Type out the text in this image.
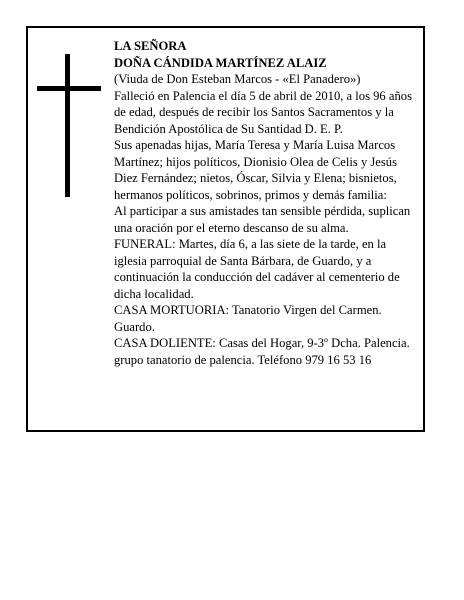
LA SEÑORA
DOÑA CÁNDIDA MARTÍNEZ ALAIZ
(Viuda de Don Esteban Marcos - «El Panadero»)
Falleció en Palencia el día 5 de abril de 2010, a los 96 años de edad, después de recibir los Santos Sacramentos y la Bendición Apostólica de Su Santidad D. E. P.
Sus apenadas hijas, María Teresa y María Luisa Marcos Martínez; hijos políticos, Dionisio Olea de Celis y Jesús Diez Fernández; nietos, Óscar, Silvia y Elena; bisnietos, hermanos políticos, sobrinos, primos y demás familia:
Al participar a sus amistades tan sensible pérdida, suplican una oración por el eterno descanso de su alma.
FUNERAL: Martes, día 6, a las siete de la tarde, en la iglesia parroquial de Santa Bárbara, de Guardo, y a continuación la conducción del cadáver al cementerio de dicha localidad.
CASA MORTUORIA: Tanatorio Virgen del Carmen. Guardo.
CASA DOLIENTE: Casas del Hogar, 9-3º Dcha. Palencia.
grupo tanatorio de palencia. Teléfono 979 16 53 16
